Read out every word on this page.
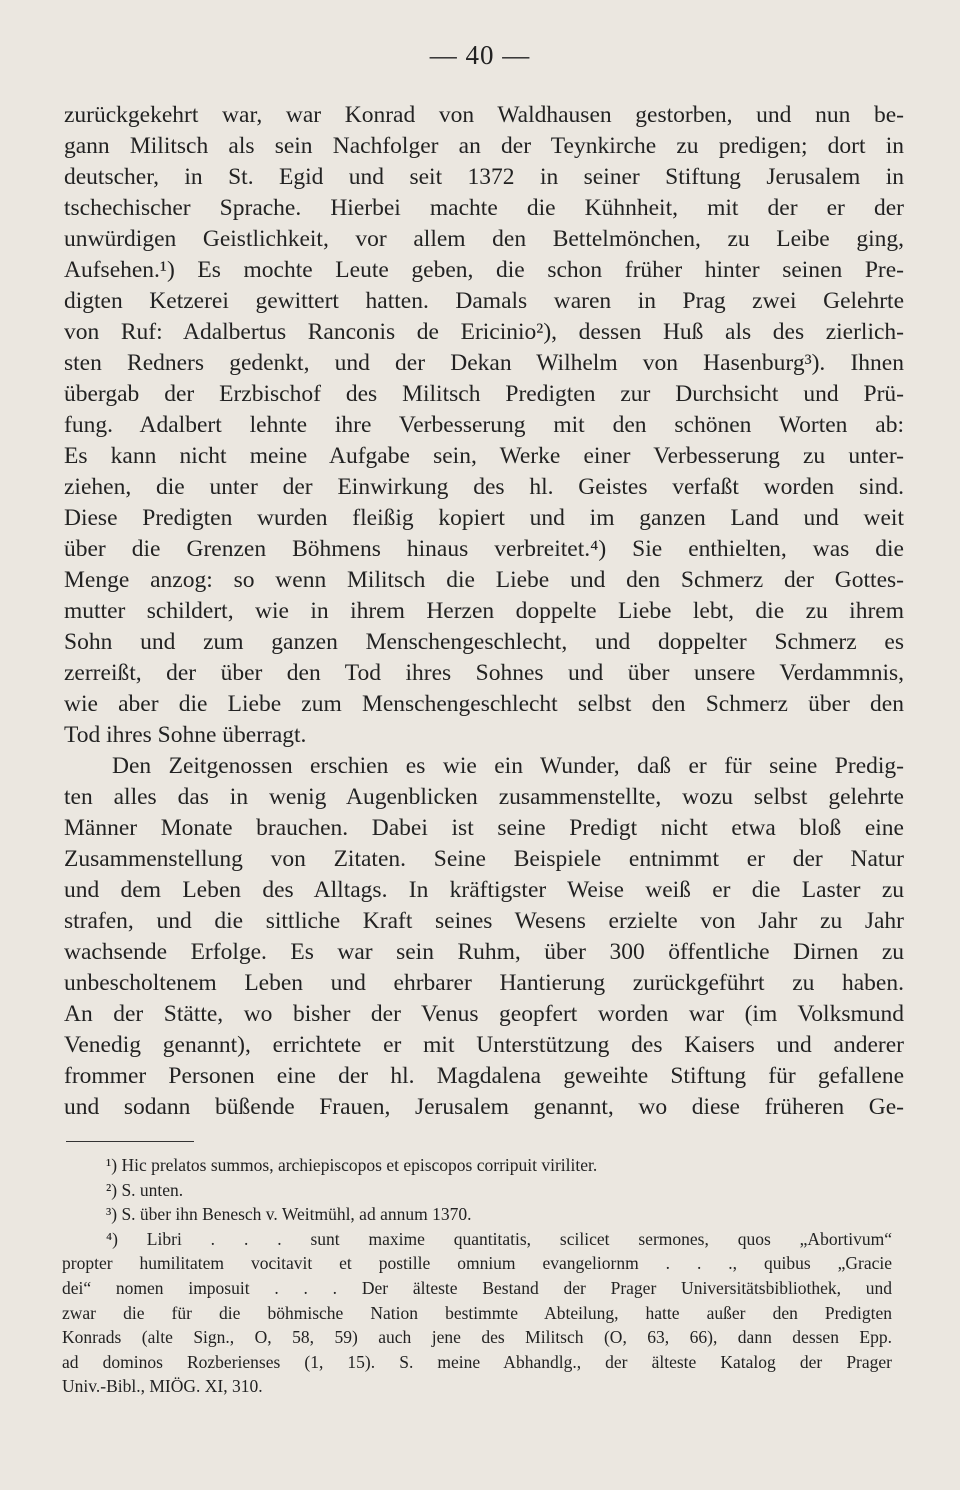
— 40 —
zurückgekehrt war, war Konrad von Waldhausen gestorben, und nun be-
gann Militsch als sein Nachfolger an der Teynkirche zu predigen; dort in
deutscher, in St. Egid und seit 1372 in seiner Stiftung Jerusalem in
tschechischer Sprache. Hierbei machte die Kühnheit, mit der er der
unwürdigen Geistlichkeit, vor allem den Bettelmönchen, zu Leibe ging,
Aufsehen.¹) Es mochte Leute geben, die schon früher hinter seinen Pre-
digten Ketzerei gewittert hatten. Damals waren in Prag zwei Gelehrte
von Ruf: Adalbertus Ranconis de Ericinio²), dessen Huß als des zierlich-
sten Redners gedenkt, und der Dekan Wilhelm von Hasenburg³). Ihnen
übergab der Erzbischof des Militsch Predigten zur Durchsicht und Prü-
fung. Adalbert lehnte ihre Verbesserung mit den schönen Worten ab:
Es kann nicht meine Aufgabe sein, Werke einer Verbesserung zu unter-
ziehen, die unter der Einwirkung des hl. Geistes verfaßt worden sind.
Diese Predigten wurden fleißig kopiert und im ganzen Land und weit
über die Grenzen Böhmens hinaus verbreitet.⁴) Sie enthielten, was die
Menge anzog: so wenn Militsch die Liebe und den Schmerz der Gottes-
mutter schildert, wie in ihrem Herzen doppelte Liebe lebt, die zu ihrem
Sohn und zum ganzen Menschengeschlecht, und doppelter Schmerz es
zerreißt, der über den Tod ihres Sohnes und über unsere Verdammnis,
wie aber die Liebe zum Menschengeschlecht selbst den Schmerz über den
Tod ihres Sohne überragt.
Den Zeitgenossen erschien es wie ein Wunder, daß er für seine Predig-
ten alles das in wenig Augenblicken zusammenstellte, wozu selbst gelehrte
Männer Monate brauchen. Dabei ist seine Predigt nicht etwa bloß eine
Zusammenstellung von Zitaten. Seine Beispiele entnimmt er der Natur
und dem Leben des Alltags. In kräftigster Weise weiß er die Laster zu
strafen, und die sittliche Kraft seines Wesens erzielte von Jahr zu Jahr
wachsende Erfolge. Es war sein Ruhm, über 300 öffentliche Dirnen zu
unbescholtenem Leben und ehrbarer Hantierung zurückgeführt zu haben.
An der Stätte, wo bisher der Venus geopfert worden war (im Volksmund
Venedig genannt), errichtete er mit Unterstützung des Kaisers und anderer
frommer Personen eine der hl. Magdalena geweihte Stiftung für gefallene
und sodann büßende Frauen, Jerusalem genannt, wo diese früheren Ge-
¹) Hic prelatos summos, archiepiscopos et episcopos corripuit viriliter.
²) S. unten.
³) S. über ihn Benesch v. Weitmühl, ad annum 1370.
⁴) Libri . . . sunt maxime quantitatis, scilicet sermones, quos „Abortivum“
propter humilitatem vocitavit et postille omnium evangeliornm . . ., quibus „Gracie
dei“ nomen imposuit . . . Der älteste Bestand der Prager Universitätsbibliothek, und
zwar die für die böhmische Nation bestimmte Abteilung, hatte außer den Predigten
Konrads (alte Sign., O, 58, 59) auch jene des Militsch (O, 63, 66), dann dessen Epp.
ad dominos Rozberienses (1, 15). S. meine Abhandlg., der älteste Katalog der Prager
Univ.-Bibl., MIÖG. XI, 310.
